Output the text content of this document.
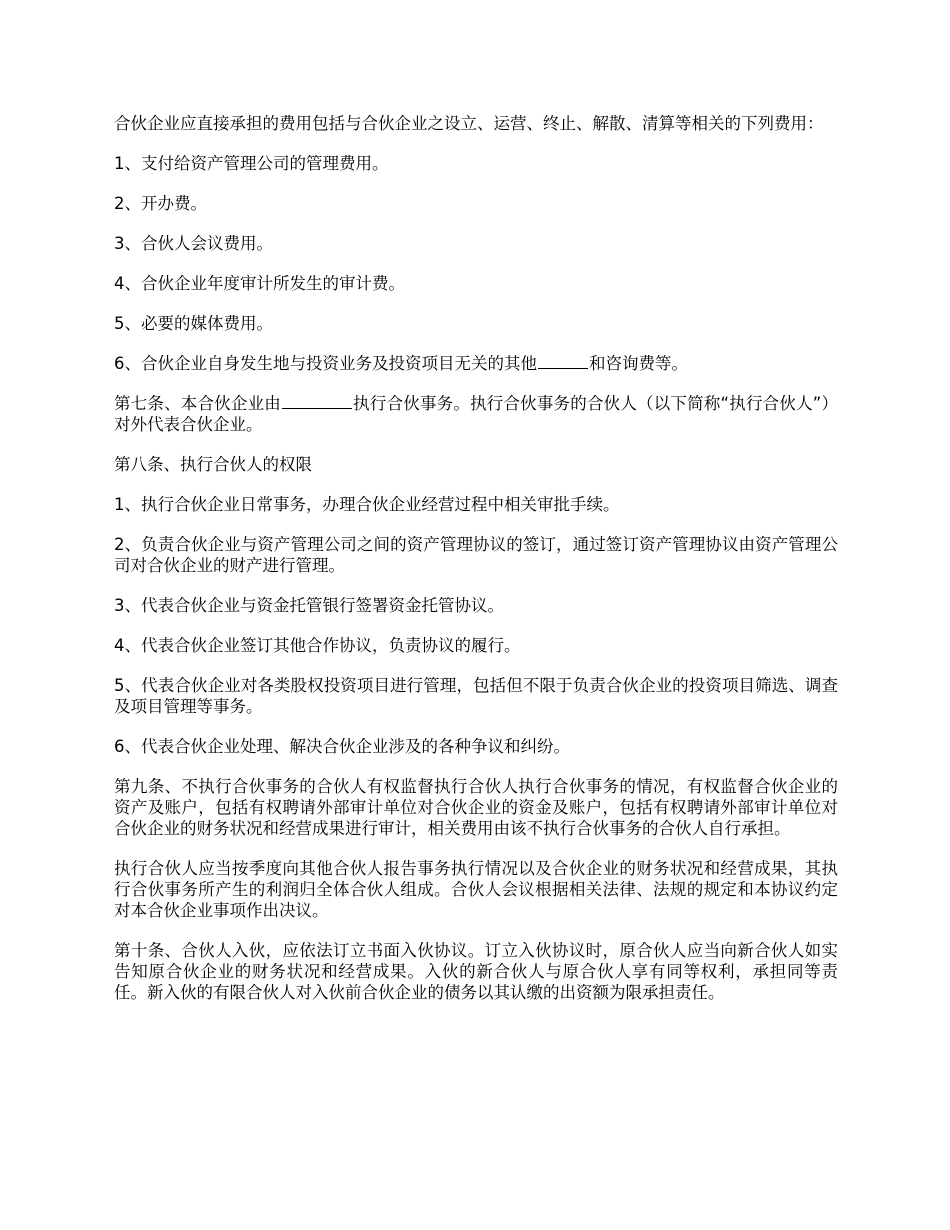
合伙企业应直接承担的费用包括与合伙企业之设立、运营、终止、解散、清算等相关的下列费用：

1、支付给资产管理公司的管理费用。

2、开办费。

3、合伙人会议费用。

4、合伙企业年度审计所发生的审计费。

5、必要的媒体费用。

6、合伙企业自身发生地与投资业务及投资项目无关的其他	和咨询费等。

第七条、本合伙企业由	执行合伙事务。执行合伙事务的合伙人（以下简称“执行合伙人”）对外代表合伙企业。

第八条、执行合伙人的权限

1、执行合伙企业日常事务，办理合伙企业经营过程中相关审批手续。

2、负责合伙企业与资产管理公司之间的资产管理协议的签订，通过签订资产管理协议由资产管理公司对合伙企业的财产进行管理。

3、代表合伙企业与资金托管银行签署资金托管协议。

4、代表合伙企业签订其他合作协议，负责协议的履行。

5、代表合伙企业对各类股权投资项目进行管理，包括但不限于负责合伙企业的投资项目筛选、调查及项目管理等事务。

6、代表合伙企业处理、解决合伙企业涉及的各种争议和纠纷。

第九条、不执行合伙事务的合伙人有权监督执行合伙人执行合伙事务的情况，有权监督合伙企业的资产及账户，包括有权聘请外部审计单位对合伙企业的资金及账户，包括有权聘请外部审计单位对合伙企业的财务状况和经营成果进行审计，相关费用由该不执行合伙事务的合伙人自行承担。

执行合伙人应当按季度向其他合伙人报告事务执行情况以及合伙企业的财务状况和经营成果，其执行合伙事务所产生的利润归全体合伙人组成。合伙人会议根据相关法律、法规的规定和本协议约定对本合伙企业事项作出决议。

第十条、合伙人入伙，应依法订立书面入伙协议。订立入伙协议时，原合伙人应当向新合伙人如实告知原合伙企业的财务状况和经营成果。入伙的新合伙人与原合伙人享有同等权利，承担同等责任。新入伙的有限合伙人对入伙前合伙企业的债务以其认缴的出资额为限承担责任。
